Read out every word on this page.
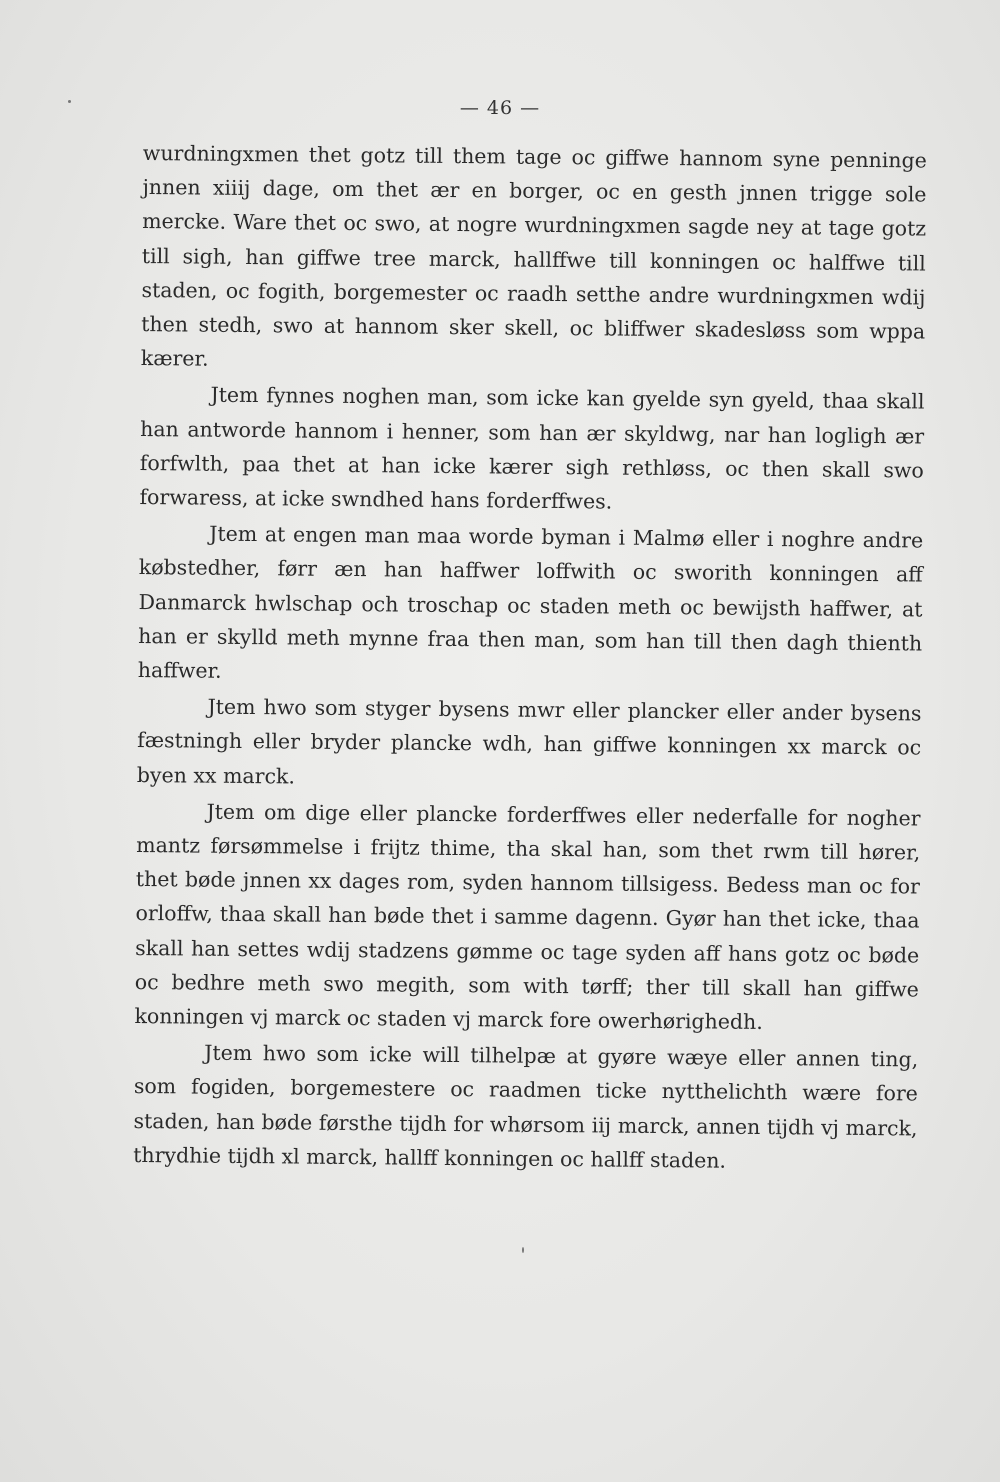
— 46 —

wurdningxmen thet gotz till them tage oc giffwe hannom syne penninge jnnen xiiij dage, om thet ær en borger, oc en gesth jnnen trigge sole mercke. Ware thet oc swo, at nogre wurdningxmen sagde ney at tage gotz till sigh, han giffwe tree marck, hallffwe till konningen oc halffwe till staden, oc fogith, borgemester oc raadh setthe andre wurdningxmen wdij then stedh, swo at hannom sker skell, oc bliffwer skadesløss som wppa kærer.

Jtem fynnes noghen man, som icke kan gyelde syn gyeld, thaa skall han antworde hannom i henner, som han ær skyldwg, nar han logligh ær forfwlth, paa thet at han icke kærer sigh rethløss, oc then skall swo forwaress, at icke swndhed hans forderffwes.

Jtem at engen man maa worde byman i Malmø eller i noghre andre købstedher, førr æn han haffwer loffwith oc sworith konningen aff Danmarck hwlschap och troschap oc staden meth oc bewijsth haffwer, at han er skylld meth mynne fraa then man, som han till then dagh thienth haffwer.

Jtem hwo som styger bysens mwr eller plancker eller ander bysens fæstningh eller bryder plancke wdh, han giffwe konningen xx marck oc byen xx marck.

Jtem om dige eller plancke forderffwes eller nederfalle for nogher mantz førsømmelse i frijtz thime, tha skal han, som thet rwm till hører, thet bøde jnnen xx dages rom, syden hannom tillsigess. Bedess man oc for orloffw, thaa skall han bøde thet i samme dagenn. Gyør han thet icke, thaa skall han settes wdij stadzens gømme oc tage syden aff hans gotz oc bøde oc bedhre meth swo megith, som with tørff; ther till skall han giffwe konningen vj marck oc staden vj marck fore owerhørighedh.

Jtem hwo som icke will tilhelpæ at gyøre wæye eller annen ting, som fogiden, borgemestere oc raadmen ticke nytthelichth wære fore staden, han bøde førsthe tijdh for whørsom iij marck, annen tijdh vj marck, thrydhie tijdh xl marck, hallff konningen oc hallff staden.
